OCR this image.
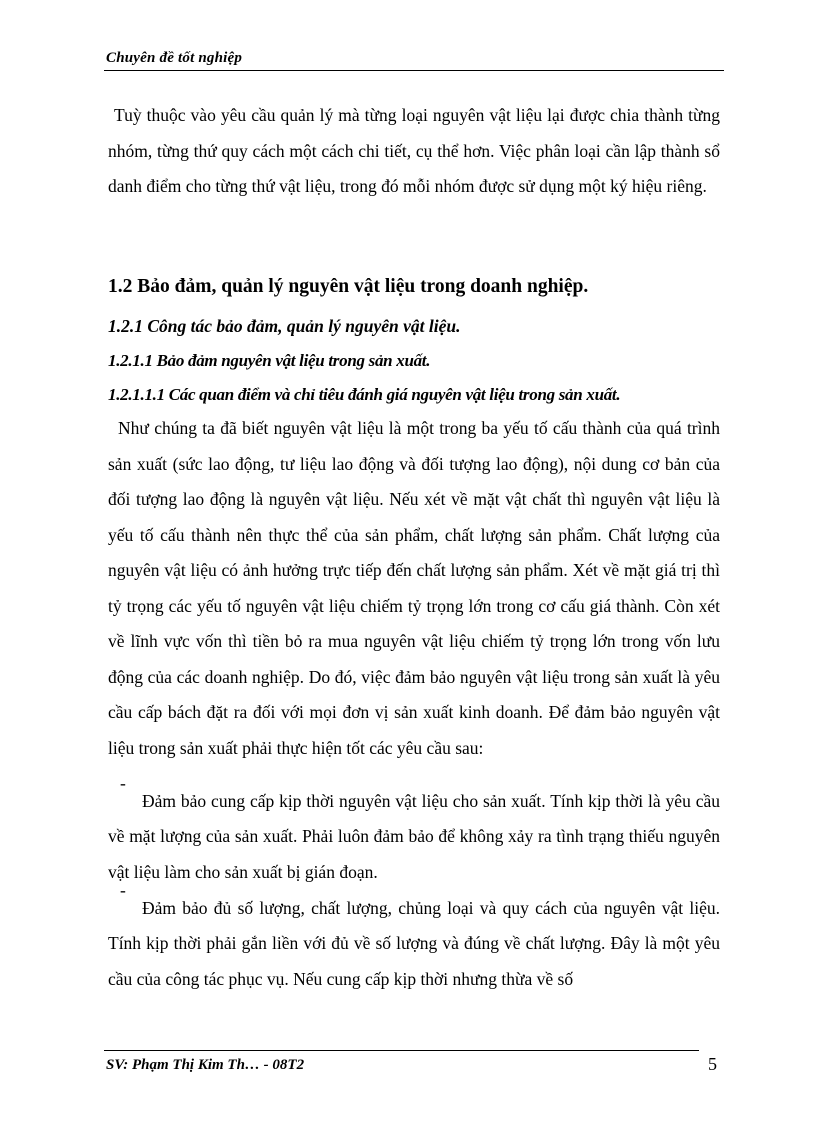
Chuyên đề tốt nghiệp

Tuỳ thuộc vào yêu cầu quản lý mà từng loại nguyên vật liệu lại được chia thành từng nhóm, từng thứ quy cách một cách chi tiết, cụ thể hơn. Việc phân loại cần lập thành sổ danh điểm cho từng thứ vật liệu, trong đó mỗi nhóm được sử dụng một ký hiệu riêng.

1.2 Bảo đảm, quản lý nguyên vật liệu trong doanh nghiệp.
1.2.1 Công tác bảo đảm, quản lý nguyên vật liệu.
1.2.1.1 Bảo đảm nguyên vật liệu trong sản xuất.
1.2.1.1.1 Các quan điểm và chỉ tiêu đánh giá nguyên vật liệu trong sản xuất.

Như chúng ta đã biết nguyên vật liệu là một trong ba yếu tố cấu thành của quá trình sản xuất (sức lao động, tư liệu lao động và đối tượng lao động), nội dung cơ bản của đối tượng lao động là nguyên vật liệu. Nếu xét về mặt vật chất thì nguyên vật liệu là yếu tố cấu thành nên thực thể của sản phẩm, chất lượng sản phẩm. Chất lượng của nguyên vật liệu có ảnh hưởng trực tiếp đến chất lượng sản phẩm. Xét về mặt giá trị thì tỷ trọng các yếu tố nguyên vật liệu chiếm tỷ trọng lớn trong cơ cấu giá thành. Còn xét về lĩnh vực vốn thì tiền bỏ ra mua nguyên vật liệu chiếm tỷ trọng lớn trong vốn lưu động của các doanh nghiệp. Do đó, việc đảm bảo nguyên vật liệu trong sản xuất là yêu cầu cấp bách đặt ra đối với mọi đơn vị sản xuất kinh doanh. Để đảm bảo nguyên vật liệu trong sản xuất phải thực hiện tốt các yêu cầu sau:

-

Đảm bảo cung cấp kịp thời nguyên vật liệu cho sản xuất. Tính kịp thời là yêu cầu về mặt lượng của sản xuất. Phải luôn đảm bảo để không xảy ra tình trạng thiếu nguyên vật liệu làm cho sản xuất bị gián đoạn.

-

Đảm bảo đủ số lượng, chất lượng, chủng loại và quy cách của nguyên vật liệu. Tính kịp thời phải gắn liền với đủ về số lượng và đúng về chất lượng. Đây là một yêu cầu của công tác phục vụ. Nếu cung cấp kịp thời nhưng thừa về số

SV: Phạm Thị Kim Th… - 08T2	5
